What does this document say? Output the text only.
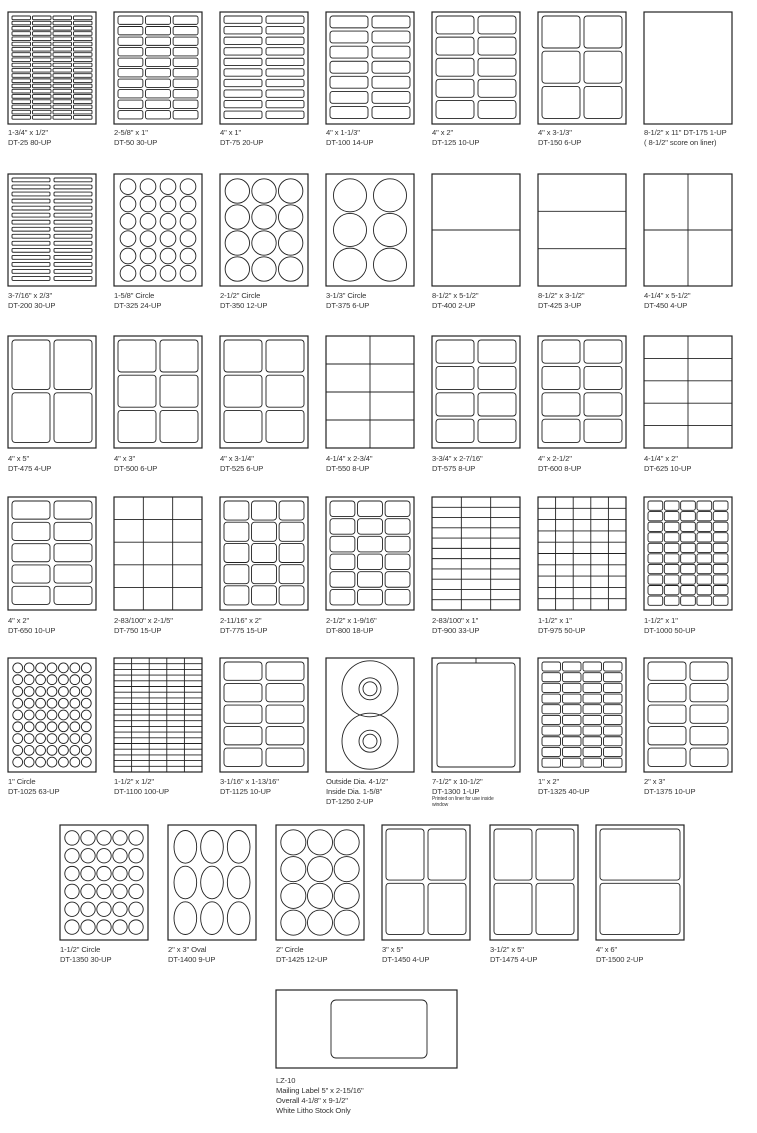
1-3/4" x 1/2"
DT-25 80-UP
2-5/8" x 1"
DT-50 30-UP
4" x 1"
DT-75 20-UP
4" x 1-1/3"
DT-100 14-UP
4" x 2"
DT-125 10-UP
4" x 3-1/3"
DT-150 6-UP
8-1/2" x 11" DT-175 1-UP
( 8-1/2" score on liner)
3-7/16" x 2/3"
DT-200 30-UP
1-5/8" Circle
DT-325 24-UP
2-1/2" Circle
DT-350 12-UP
3-1/3" Circle
DT-375 6-UP
8-1/2" x 5-1/2"
DT-400 2-UP
8-1/2" x 3-1/2"
DT-425 3-UP
4-1/4" x 5-1/2"
DT-450 4-UP
4" x 5"
DT-475 4-UP
4" x 3"
DT-500 6-UP
4" x 3-1/4"
DT-525 6-UP
4-1/4" x 2-3/4"
DT-550 8-UP
3-3/4" x 2-7/16"
DT-575 8-UP
4" x 2-1/2"
DT-600 8-UP
4-1/4" x 2"
DT-625 10-UP
4" x 2"
DT-650 10-UP
2-83/100" x 2-1/5"
DT-750 15-UP
2-11/16" x 2"
DT-775 15-UP
2-1/2" x 1-9/16"
DT-800 18-UP
2-83/100" x 1"
DT-900 33-UP
1-1/2" x 1"
DT-975 50-UP
1-1/2" x 1"
DT-1000 50-UP
1" Circle
DT-1025 63-UP
1-1/2" x 1/2"
DT-1100 100-UP
3-1/16" x 1-13/16"
DT-1125 10-UP
Outside Dia. 4-1/2"
Inside Dia. 1-5/8"
DT-1250 2-UP
7-1/2" x 10-1/2"
DT-1300 1-UP
Printed on liner for use inside window
1" x 2"
DT-1325 40-UP
2" x 3"
DT-1375 10-UP
1-1/2" Circle
DT-1350 30-UP
2" x 3" Oval
DT-1400 9-UP
2" Circle
DT-1425 12-UP
3" x 5"
DT-1450 4-UP
3-1/2" x 5"
DT-1475 4-UP
4" x 6"
DT-1500 2-UP
LZ-10
Mailing Label 5" x 2-15/16"
Overall 4-1/8" x 9-1/2"
White Litho Stock Only
